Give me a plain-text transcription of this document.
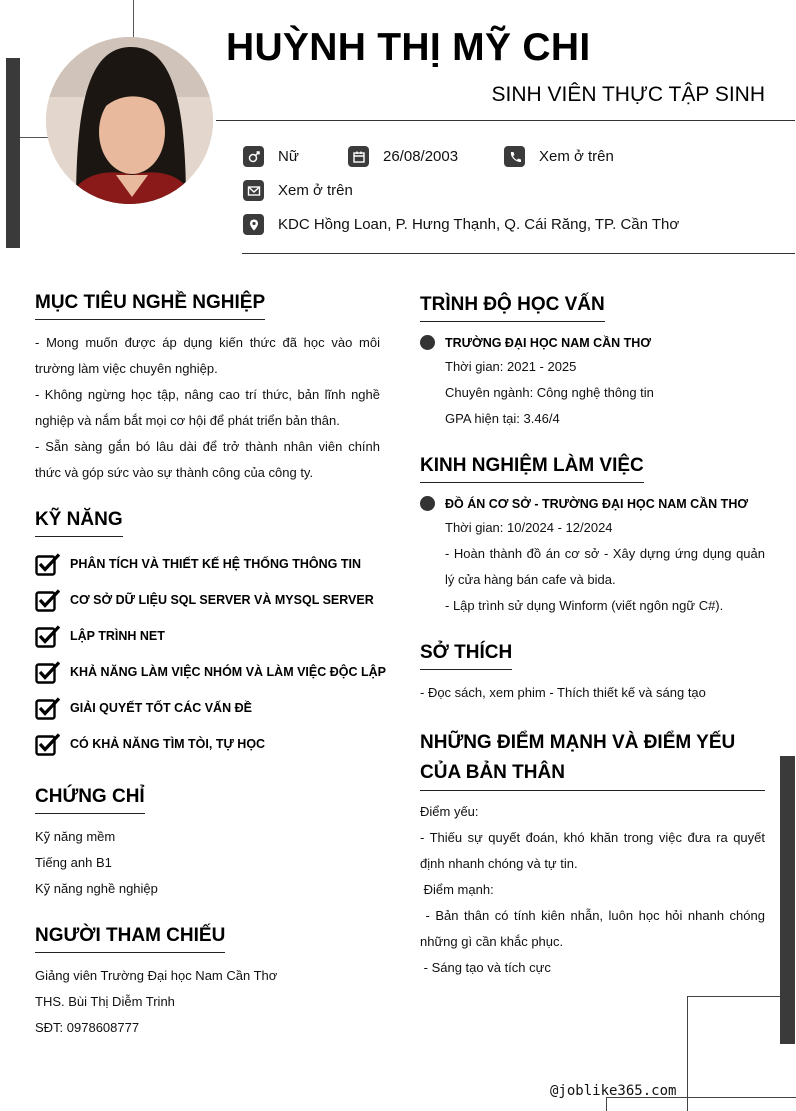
HUỲNH THỊ MỸ CHI
SINH VIÊN THỰC TẬP SINH
Nữ	26/08/2003	Xem ở trên
Xem ở trên
KDC Hồng Loan, P. Hưng Thạnh, Q. Cái Răng, TP. Cần Thơ
MỤC TIÊU NGHỀ NGHIỆP

- Mong muốn được áp dụng kiến thức đã học vào môi trường làm việc chuyên nghiệp.

- Không ngừng học tập, nâng cao trí thức, bản lĩnh nghề nghiệp và nắm bắt mọi cơ hội để phát triển bản thân.

- Sẵn sàng gắn bó lâu dài để trở thành nhân viên chính thức và góp sức vào sự thành công của công ty.

KỸ NĂNG
PHÂN TÍCH VÀ THIẾT KẾ HỆ THỐNG THÔNG TIN
CƠ SỞ DỮ LIỆU SQL SERVER VÀ MYSQL SERVER
LẬP TRÌNH NET
KHẢ NĂNG LÀM VIỆC NHÓM VÀ LÀM VIỆC ĐỘC LẬP
GIẢI QUYẾT TỐT CÁC VẤN ĐỀ
CÓ KHẢ NĂNG TÌM TÒI, TỰ HỌC
CHỨNG CHỈ
Kỹ năng mềm
Tiếng anh B1
Kỹ năng nghề nghiệp
NGƯỜI THAM CHIẾU
Giảng viên Trường Đại học Nam Cần Thơ
THS. Bùi Thị Diễm Trinh
SĐT: 0978608777
TRÌNH ĐỘ HỌC VẤN
TRƯỜNG ĐẠI HỌC NAM CẦN THƠ
Thời gian: 2021 - 2025
Chuyên ngành: Công nghệ thông tin
GPA hiện tại: 3.46/4
KINH NGHIỆM LÀM VIỆC
ĐỒ ÁN CƠ SỞ - TRƯỜNG ĐẠI HỌC NAM CẦN THƠ
Thời gian: 10/2024 - 12/2024

- Hoàn thành đồ án cơ sở - Xây dựng ứng dụng quản lý cửa hàng bán cafe và bida.

- Lập trình sử dụng Winform (viết ngôn ngữ C#).

SỞ THÍCH
- Đọc sách, xem phim - Thích thiết kế và sáng tạo
NHỮNG ĐIỂM MẠNH VÀ ĐIỂM YẾU CỦA BẢN THÂN
Điểm yếu:

- Thiếu sự quyết đoán, khó khăn trong việc đưa ra quyết định nhanh chóng và tự tin.

Điểm mạnh:

- Bản thân có tính kiên nhẫn, luôn học hỏi nhanh chóng những gì cần khắc phục.

- Sáng tạo và tích cực

@joblike365.com
